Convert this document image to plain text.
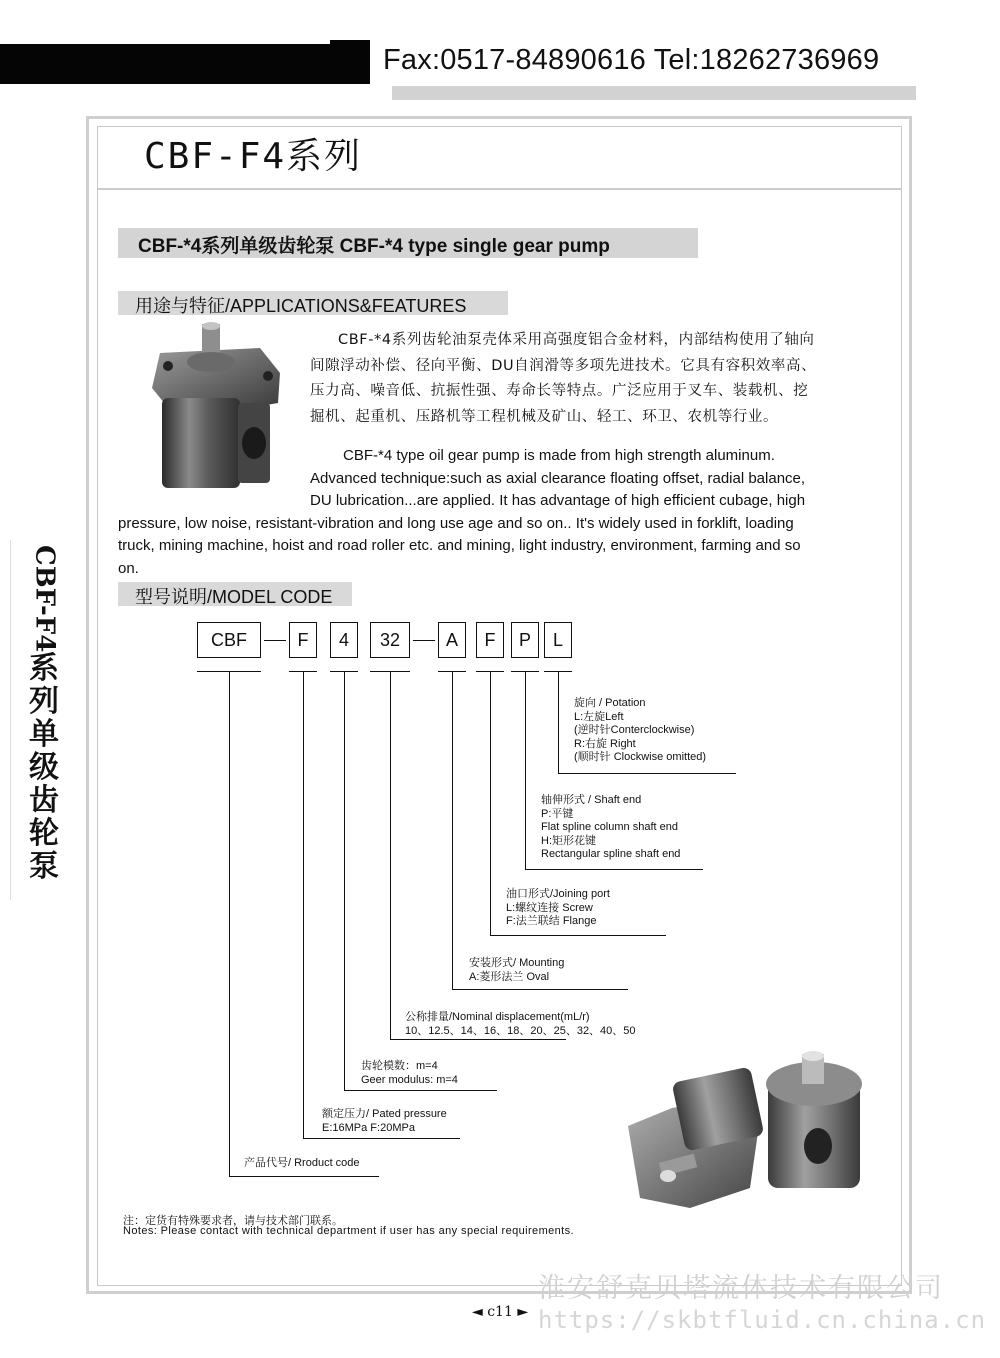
Fax:0517-84890616 Tel:18262736969
CBF-F4系列
CBF-*4系列单级齿轮泵 CBF-*4 type single gear pump
用途与特征/APPLICATIONS&FEATURES
CBF-*4系列齿轮油泵壳体采用高强度铝合金材料，内部结构使用了轴向
间隙浮动补偿、径向平衡、DU自润滑等多项先进技术。它具有容积效率高、
压力高、噪音低、抗振性强、寿命长等特点。广泛应用于叉车、装载机、挖
掘机、起重机、压路机等工程机械及矿山、轻工、环卫、农机等行业。
CBF-*4 type oil gear pump is made from high strength aluminum.
Advanced technique:such as axial clearance floating offset, radial balance,
DU lubrication...are applied. It has advantage of high efficient cubage, high
pressure, low noise, resistant-vibration and long use age and so on.. It's widely used in forklift, loading
truck, mining machine, hoist and road roller etc. and mining, light industry, environment, farming and so
on.
型号说明/MODEL CODE
CBF	F	4	32	A	F	P	L
旋向 / Potation
L:左旋Left
(逆时针Conterclockwise)
R:右旋 Right
(顺时针 Clockwise omitted)
轴伸形式 / Shaft end
P:平键
Flat spline column shaft end
H:矩形花键
Rectangular spline shaft end
油口形式/Joining port
L:螺纹连接 Screw
F:法兰联结 Flange
安装形式/ Mounting
A:菱形法兰 Oval
公称排量/Nominal displacement(mL/r)
10、12.5、14、16、18、20、25、32、40、50
齿轮模数：m=4
Geer modulus: m=4
额定压力/ Pated pressure
E:16MPa F:20MPa
产品代号/ Rroduct code
CBF-F4
系
列
单
级
齿
轮
泵
注：定货有特殊要求者，请与技术部门联系。
Notes: Please contact with technical department if user has any special requirements.
淮安舒克贝塔流体技术有限公司
◄ c11 ► https://skbtfluid.cn.china.cn
